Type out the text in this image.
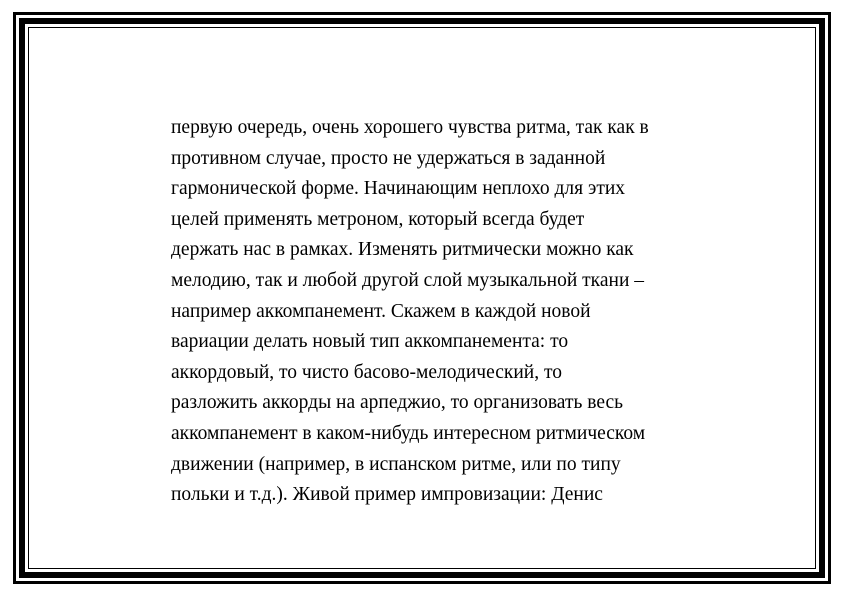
первую очередь, очень хорошего чувства ритма, так как в
противном случае, просто не удержаться в заданной
гармонической форме. Начинающим неплохо для этих
целей применять метроном, который всегда будет
держать нас в рамках. Изменять ритмически можно как
мелодию, так и любой другой слой музыкальной ткани –
например аккомпанемент. Скажем в каждой новой
вариации делать новый тип аккомпанемента: то
аккордовый, то чисто басово-мелодический, то
разложить аккорды на арпеджио, то организовать весь
аккомпанемент в каком-нибудь интересном ритмическом
движении (например, в испанском ритме, или по типу
польки и т.д.). Живой пример импровизации: Денис
